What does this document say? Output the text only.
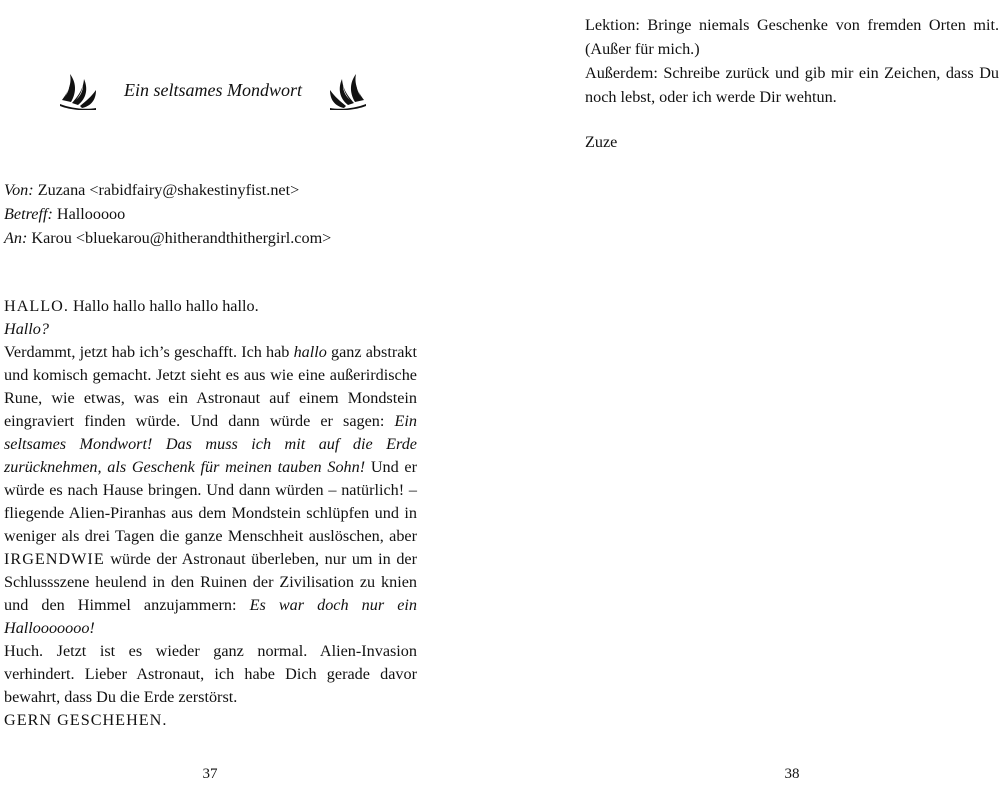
Ein seltsames Mondwort
Von: Zuzana <rabidfairy@shakestinyfist.net>
Betreff: Hallooooo
An: Karou <bluekarou@hitherandthithergirl.com>

HALLO. Hallo hallo hallo hallo hallo.

Hallo?

Verdammt, jetzt hab ich’s geschafft. Ich hab hallo ganz abstrakt und komisch gemacht. Jetzt sieht es aus wie eine außerirdische Rune, wie etwas, was ein Astronaut auf einem Mondstein eingraviert finden würde. Und dann würde er sagen: Ein seltsames Mondwort! Das muss ich mit auf die Erde zurücknehmen, als Geschenk für meinen tauben Sohn! Und er würde es nach Hause bringen. Und dann würden – natürlich! – fliegende Alien-Piranhas aus dem Mondstein schlüpfen und in weniger als drei Tagen die ganze Menschheit auslöschen, aber IRGENDWIE würde der Astronaut überleben, nur um in der Schlussszene heulend in den Ruinen der Zivilisation zu knien und den Himmel anzujammern: Es war doch nur ein Hallooooooo!

Huch. Jetzt ist es wieder ganz normal. Alien-Invasion verhindert. Lieber Astronaut, ich habe Dich gerade davor bewahrt, dass Du die Erde zerstörst.

GERN GESCHEHEN.

37

Lektion: Bringe niemals Geschenke von fremden Orten mit. (Außer für mich.)

Außerdem: Schreibe zurück und gib mir ein Zeichen, dass Du noch lebst, oder ich werde Dir wehtun.

Zuze
38
